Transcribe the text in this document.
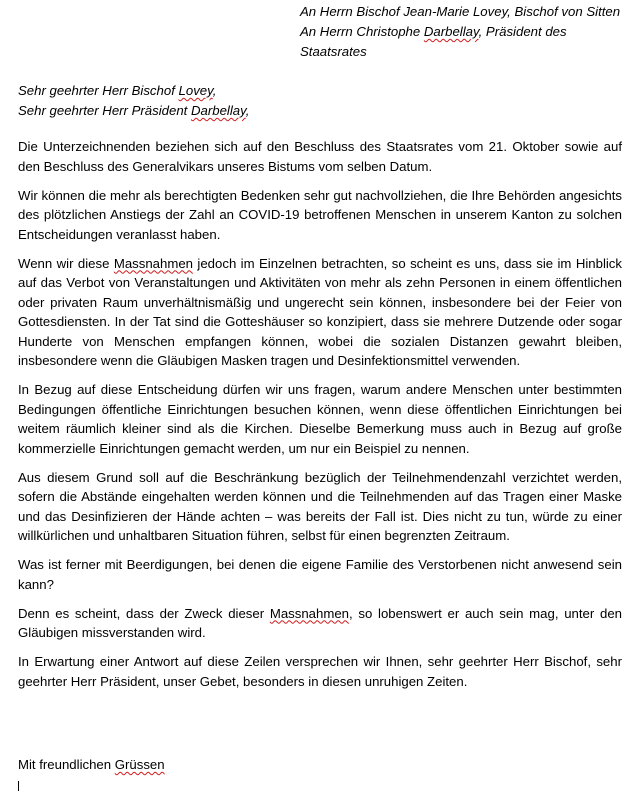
An Herrn Bischof Jean-Marie Lovey, Bischof von Sitten
An Herrn Christophe Darbellay, Präsident des
Staatsrates
Sehr geehrter Herr Bischof Lovey,
Sehr geehrter Herr Präsident Darbellay,

Die Unterzeichnenden beziehen sich auf den Beschluss des Staatsrates vom 21. Oktober sowie auf den Beschluss des Generalvikars unseres Bistums vom selben Datum.

Wir können die mehr als berechtigten Bedenken sehr gut nachvollziehen, die Ihre Behörden angesichts des plötzlichen Anstiegs der Zahl an COVID-19 betroffenen Menschen in unserem Kanton zu solchen Entscheidungen veranlasst haben.

Wenn wir diese Massnahmen jedoch im Einzelnen betrachten, so scheint es uns, dass sie im Hinblick auf das Verbot von Veranstaltungen und Aktivitäten von mehr als zehn Personen in einem öffentlichen oder privaten Raum unverhältnismäßig und ungerecht sein können, insbesondere bei der Feier von Gottesdiensten. In der Tat sind die Gotteshäuser so konzipiert, dass sie mehrere Dutzende oder sogar Hunderte von Menschen empfangen können, wobei die sozialen Distanzen gewahrt bleiben, insbesondere wenn die Gläubigen Masken tragen und Desinfektionsmittel verwenden.

In Bezug auf diese Entscheidung dürfen wir uns fragen, warum andere Menschen unter bestimmten Bedingungen öffentliche Einrichtungen besuchen können, wenn diese öffentlichen Einrichtungen bei weitem räumlich kleiner sind als die Kirchen. Dieselbe Bemerkung muss auch in Bezug auf große kommerzielle Einrichtungen gemacht werden, um nur ein Beispiel zu nennen.

Aus diesem Grund soll auf die Beschränkung bezüglich der Teilnehmendenzahl verzichtet werden, sofern die Abstände eingehalten werden können und die Teilnehmenden auf das Tragen einer Maske und das Desinfizieren der Hände achten – was bereits der Fall ist. Dies nicht zu tun, würde zu einer willkürlichen und unhaltbaren Situation führen, selbst für einen begrenzten Zeitraum.

Was ist ferner mit Beerdigungen, bei denen die eigene Familie des Verstorbenen nicht anwesend sein kann?

Denn es scheint, dass der Zweck dieser Massnahmen, so lobenswert er auch sein mag, unter den Gläubigen missverstanden wird.

In Erwartung einer Antwort auf diese Zeilen versprechen wir Ihnen, sehr geehrter Herr Bischof, sehr geehrter Herr Präsident, unser Gebet, besonders in diesen unruhigen Zeiten.

Mit freundlichen Grüssen
